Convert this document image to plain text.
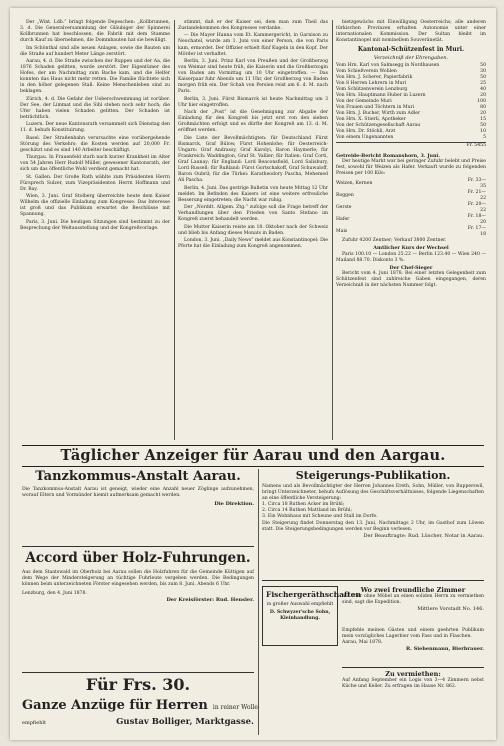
Der „Wint. Ldb.“ bringt folgende Depeschen: „Kollbrunnen, 3. d. Die Generalversammlung der Gläubiger der Spinnerei Kollbrunnen hat beschlossen, die Fabrik mit dem Stamme durch Kauf zu übernehmen, die Dommbauten hat sie bewilligt.

Im Schönthal sind alle neuen Anlagen, sowie die Bauten um die Straße auf hundert Meter Länge zerstört.

Aarau, 4. d. Die Straße zwischen der Ruppen und der Aa, die 1876 Schaden gelitten, wurde zerstört. Der Eigentümer des Hofes, der am Nachmittag zum Bache kam, und die Helfer konnten das Haus nicht mehr retten. Die Familie flüchtete sich in den höher gelegenen Stall. Keine Menschenleben sind zu beklagen.

Zürich, 4. d. Die Gefahr der Ueberschwemmung ist vorüber. Der See, der Limmat und die Sihl stehen noch sehr hoch; die Ufer haben vielen Schaden gelitten. Der Schaden ist beträchtlich.

Luzern. Der neue Kantonsrath versammelt sich Dienstag den 11. d. behufs Konstituirung.

Basel. Der Straßenbahn verursachte eine vorübergehende Störung des Verkehrs; die Kosten werden auf 20,000 Fr. geschätzt und es sind 140 Arbeiter beschäftigt.

Thurgau. In Frauenfeld starb nach kurzer Krankheit im Alter von 54 Jahren Herr Rudolf Müller, gewesener Kantonsrath, der sich um das öffentliche Wohl verdient gemacht hat.

St. Gallen. Der Große Rath wählte zum Präsidenten Herrn Fürsprech Sulzer, zum Vizepräsidenten Herrn Hoffmann und Dr. Bay.

Wien, 3. Juni. Graf Stolberg überreichte heute dem Kaiser Wilhelm die offizielle Einladung zum Kongresse. Das Interesse ist groß und das Publikum erwartet die Beschlüsse mit Spannung.

Paris, 3. Juni. Die heutigen Sitzungen sind bestimmt zu der Besprechung der Weltausstellung und der Kongreßvorlage.

stimmt, daß er der Kaiser sei, dem man zum Theil das Zustandekommen des Kongresses verdanke.

— Die Mayer Hanna vom Et. Kammergericht, in Garnison zu Neuchatel, wurde am 1. Juni von einer Person, die von Paris kam, ermordet. Der Offizier erhielt fünf Kugeln in den Kopf. Der Mörder ist verhaftet.

Berlin, 3. Juni. Prinz Karl von Preußen und der Großherzog von Weimar sind heute früh, die Kaiserin und die Großherzogin von Baden am Vormittag um 10 Uhr eingetroffen. — Das Kaiserpaar fuhr Abends um 11 Uhr, der Großherzog von Baden morgen früh ein. Der Schah von Persien reist am 6. d. M. nach Paris.

Berlin, 3. Juni. Fürst Bismarck ist heute Nachmittag um 3 Uhr hier eingetroffen.

Nach der „Post“ ist die Genehmigung zur Abgabe der Einladung für den Kongreß bis jetzt erst von den sieben Großmächten erfolgt und es dürfte der Kongreß am 13. d. M. eröffnet werden.

Die Liste der Bevollmächtigten: für Deutschland Fürst Bismarck, Graf Bülow, Fürst Hohenlohe; für Oesterreich-Ungarn: Graf Andrassy, Graf Karolyi, Baron Haymerle; für Frankreich: Waddington, Graf St. Vallier; für Italien: Graf Corti, Graf Launay; für England: Lord Beaconsfield, Lord Salisbury, Lord Russell; für Rußland: Fürst Gortschakoff, Graf Schuwaloff, Baron Oubril; für die Türkei: Karatheodory Pascha, Mehemed Ali Pascha.

Berlin, 4. Juni. Das gestrige Bulletin von heute Mittag 12 Uhr meldet: Im Befinden des Kaisers ist eine weitere erfreuliche Besserung eingetreten; die Nacht war ruhig.

Der „Norddt. Allgem. Ztg.“ zufolge soll die Frage betreff der Verhandlungen über den Frieden von Santo Stefano im Kongreß zuerst behandelt werden.

Die Mutter Kaiserin reiste am 18. Oktober nach der Schweiz und blieb bis Anfang dieses Monats in Baden.

London, 3. Juni. „Daily News“ meldet aus Konstantinopel: Die Pforte hat die Einladung zum Kongreß angenommen.

bietzgewächs mit Einwilligung Oesterreichs; alle anderen türkischen Provinzen erhalten Autonomie unter einer internationalen Kommission. Der Sultan bleibt im Konstantinopel mit nominellem Souveränetät.

Kantonal-Schützenfest in Muri.
Verzeichniß der Ehrengaben.
Vom Hrn. Karl von Salmsegg in Nordhausen	50
Vom Schießverein Wohlen	30
Von Hrn. J. Scherer, Papierfabrik	50
Von 8 Herren Lehrern in Muri	25
Vom Schützenverein Lenzburg	40
Von Hrn. Hauptmann Huber in Luzern	20
Von der Gemeinde Muri	100
Von Frauen und Töchtern in Muri	80
Von Hrn. J. Bucher, Wirth zum Adler	20
Von Hrn. X. Stierli, Apotheker	15
Von der Schützengesellschaft Aarau	50
Von Hrn. Dr. Stöckli, Arzt	10
Von einem Ungenannten	5
Fr. 5455
Getreide-Bericht Romanshorn, 3. Juni.

Der heutige Markt war bei geringer Zufuhr belebt und Preise fest, sowohl für Weizen als Hafer. Verkauft wurde zu folgenden Preisen per 100 Kilo:

Weizen, Kernen	Fr. 33—35
Roggen	Fr. 21—22
Gerste	Fr. 20—22
Hafer	Fr. 18—20
Mais	Fr. 17—18

Zufuhr 4200 Zentner; Verkauf 3800 Zentner.

Amtlicher Kurs der Wechsel

Paris 100.10 — London 25.22 — Berlin 123.40 — Wien 240 — Mailand 88.70. Diskonto 3 %.

Der Chef-Sieger

Bericht vom 4. Juni 1878. Bei einer letzten Gelegenheit zum Schützenfest sind zahlreiche Gaben eingegangen, deren Verzeichniß in der nächsten Nummer folgt.

Täglicher Anzeiger für Aarau und den Aargau.
Tanzkommus-Anstalt Aarau.
Die Tanzkommus-Anstalt Aarau ist geneigt, wieder eine Anzahl neuer Zöglinge aufzunehmen, worauf Eltern und Vormünder hiemit aufmerksam gemacht werden.
Die Direktion.
Accord über Holz-Fuhrungen.
Aus dem Staatswald im Oberholz bei Aarau sollen die Holzfuhren für die Gemeinde Küttigen auf dem Wege der Mindersteigerung an tüchtige Fuhrleute vergeben werden. Die Bedingungen können beim unterzeichneten Förster eingesehen werden, bis zum 8. Juni, Abends 6 Uhr.
Lenzburg, den 4. Juni 1878.
Der Kreisförster: Rud. Hensler.
Für Frs. 30.
Ganze Anzüge für Herren in reiner Wolle
empfiehlt	Gustav Bolliger, Marktgasse.
Steigerungs-Publikation.
Namens und als Bevollmächtigter der Herren Johannes Ereth, Sohn, Müller, von Rupperswil, bringt Unterzeichneter, behufs Auflösung des Geschäftsverhältnisses, folgende Liegenschaften an eine öffentliche Versteigerung:
1. Circa 18 Ruthen Acker im Brühl;
2. Circa 14 Ruthen Mattland im Brühl;
3. Ein Wohnhaus mit Scheune und Stall im Dorfe.
Die Steigerung findet Donnerstag den 13. Juni, Nachmittags 2 Uhr, im Gasthof zum Löwen statt. Die Steigerungsbedingungen werden vor Beginn verlesen.
Der Beauftragte: Rud. Lüscher, Notar in Aarau.
Fischergeräthschaften
in großer Auswahl empfiehlt
D. Schwyzer'sche Sohn, Kleinhandlung.
Wo zwei freundliche Zimmer
mit oder ohne Möbel an einen soliden Herrn zu vermiethen sind, sagt die Expedition.
Mittlere Vorstadt No. 146.
Empfehle meinen Gästen und einem geehrten Publikum mein vorzügliches Lagerbier vom Fass und in Flaschen.
Aarau, Mai 1878.
R. Siebenmann, Bierbrauer.
Zu vermiethen:
Auf Anfang September ein Logis von 3—4 Zimmern nebst Küche und Keller. Zu erfragen im Hause Nr. 862.
